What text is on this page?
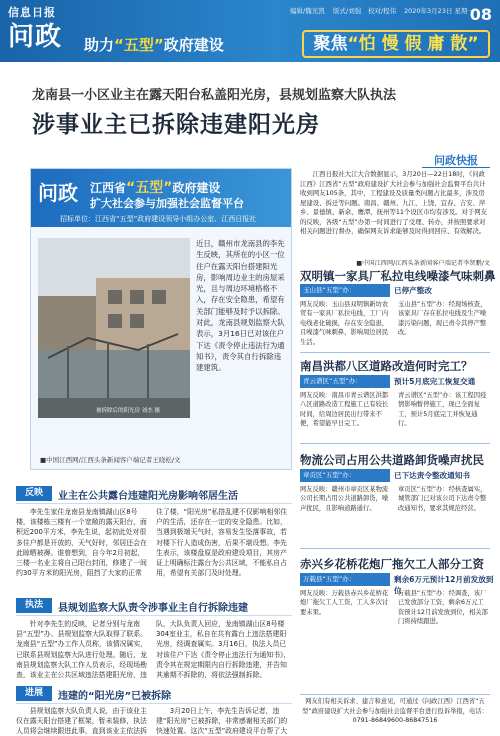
信息日报
问政 助力“五型”政府建设
编辑/魏光凯 版式/刘强 校对/程伟 2020年3月23日 星期一
08
聚焦“怕 慢 假 庸 散”
龙南县一小区业主在露天阳台私盖阳光房，县规划监察大队执法
涉事业主已拆除违建阳光房
问政 江西省“五型”政府建设
扩大社会参与加强社会监督平台
招标单位：江西省“五型”政府建设领导小组办公室、江西日报社
被拆除后的阳光房 刘杰 摄
近日，赣州市龙南县的李先生反映，其所在的小区一位住户在露天阳台搭建阳光房，影响周边业主的房屋采光，且与周边环境格格不入，存在安全隐患，希望有关部门能够及时予以拆除。对此，龙南县规划监察大队表示，3月16日已对该住户下达《责令停止违法行为通知书》，责令其自行拆除违建建筑。
■中国江西网/江西头条新闻客户端记者王晓松/文
反映	业主在公共露台违建阳光房影响邻居生活
李先生家住龙南县龙南镇湖山区8号楼，该楼栋三楼有一个宽敞的露天阳台，面积近200平方米，李先生说，起初此处对很多住户都是开放的，天气好时，邻居还会在此晾晒被褥。谁曾想到，自今年2月初起，三楼一名业主将自己阳台封闭，修建了一间约30平方米的阳光房，阻挡了大家的正常
住了楼，“阳光房”私搭乱建不仅影响相邻住户的生活，还存在一定的安全隐患。比如，当遇到极端天气时，容易发生坠落事故，若对楼下行人造成伤害，后果不堪设想。李先生表示，该楼盘原是政府建设项目，其房产证上明确标注露台为公共区域，不能私自占用，希望有关部门及时处理。
执法	县规划监察大队责令涉事业主自行拆除违建
针对李先生的反映，记者分别与龙南县“五型”办、县规划监察大队取得了联系。龙南县“五型”办工作人员称，该情况属实，已联系县规划监察大队进行处理。随后，龙南县规划监察大队工作人员表示，经现场勘查，该业主在公共区域违法搭建阳光房，违
队，大队负责人回应，龙南镇湖山区8号楼304室业主，私自在共有露台上违法搭建阳光房，经调查属实。3月16日，执法人员已对该住户下达《责令停止违法行为通知书》，责令其在规定期限内自行拆除违建，并告知其逾期不拆除的，将依法强制拆除。
进展	违建的“阳光房”已被拆除
县规划监察大队负责人说，由于该业主仅在露天阳台搭建了框架，暂未装修，执法人员将会继续跟进此事，直到该业主依法拆
3月20日上午，李先生告诉记者，违建“阳光房”已被拆除，非常感谢相关部门的快速处置。这次“五型”政府建设平台帮了大
问政快报
江西日报社大江大合数据显示，3月20日—22日18时，《问政江西》江西省“五型”政府建设扩大社会参与加强社会监督平台共计收到网友105条，其中，工程建设及质量类问题占比最多，涉及房屋建设、拆迁等问题。南昌、赣州、九江、上饶、宜春、吉安、萍乡、景德镇、新余、鹰潭、抚州等11个设区市均有涉及。对于网友的反映，各级“五型”办第一时间进行了受理、转办，并按照要求对相关问题进行督办，确保网友诉求能够及时得到回应、有效解决。
■中国江西网/江西头条新闻客户端记者李贤鹏/文
双明镇一家具厂私拉电线噪漆气味刺鼻
玉山县“五型”办：	已停产整改
网友反映：玉山县双明镇新坊农贸有一家具厂私拉电线，工厂内电线老化破损，存在安全隐患，且噪漆气味刺鼻，影响周边居民生活。
玉山县“五型”办：经现场核查，该家具厂存在私拉电线及生产噪漆污染问题，现已责令其停产整改。
南昌洪都八区道路改造何时完工？
青云谱区“五型”办：	预计5月底完工恢复交通
网友反映：南昌市青云谱区洪都八区道路改造工程施工已有较长时间，给周边居民出行带来不便，希望能早日完工。
青云谱区“五型”办：该工程因疫情影响暂停施工，现已全面复工，预计5月底完工并恢复通行。
物流公司占用公共道路卸货噪声扰民
章贡区“五型”办：	已下达责令整改通知书
网友反映：赣州市章贡区某物流公司长期占用公共道路卸货，噪声扰民，且影响道路通行。
章贡区“五型”办：经核查属实，城管部门已对该公司下达责令整改通知书，要求其规范经营。
赤兴乡花桥花炮厂拖欠工人部分工资
万载县“五型”办：	剩余6万元预计12月前发放到位
网友反映：万载县赤兴乡花桥花炮厂拖欠工人工资，工人多次讨要未果。
万载县“五型”办：经调查，该厂已发放部分工资，剩余6万元工资预计12月前发放到位，相关部门将持续跟进。
网友们有相关诉求、建言和意见，可通过《问政江西》江西省“五型”政府建设扩大社会参与加强社会监督平台进行投诉举报，电话：0791-86849600-86847516
